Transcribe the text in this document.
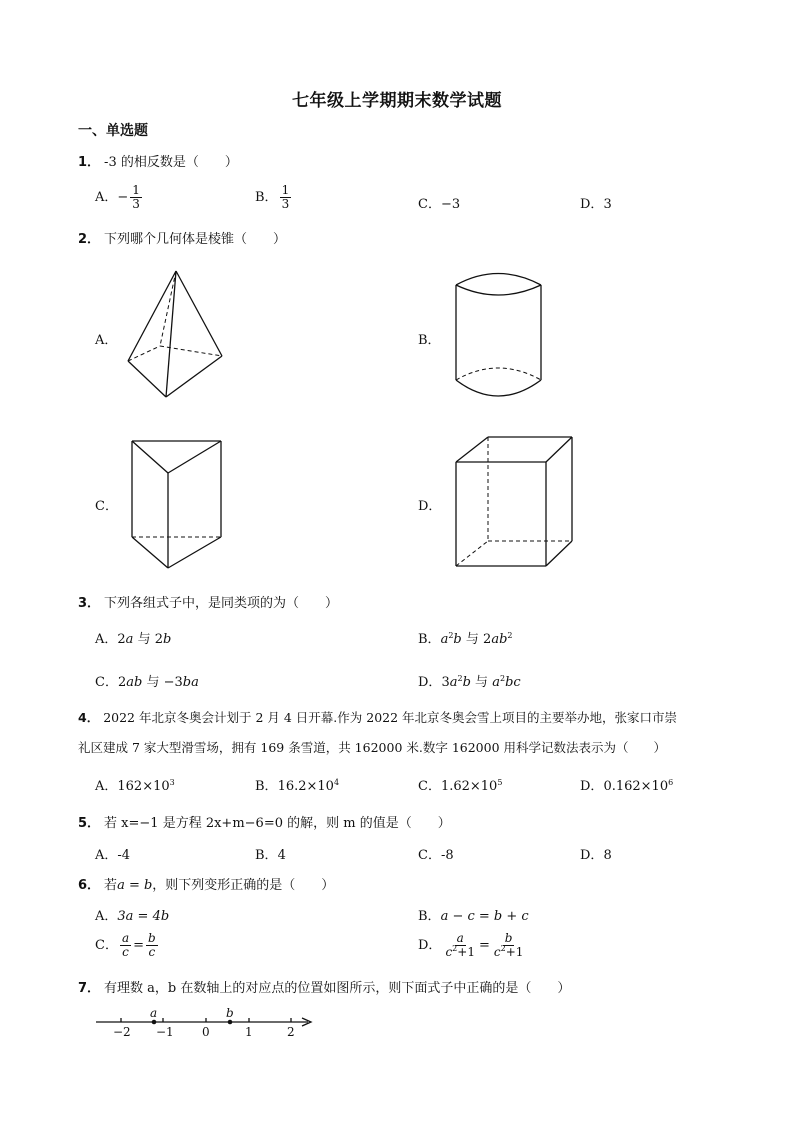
七年级上学期期末数学试题
一、单选题
1． -3 的相反数是（　　）
A．− $\frac{1}{3}$	B． $\frac{1}{3}$	C．−3	D．3
2． 下列哪个几何体是棱锥（　　）
A．	B．
C．	D．
3． 下列各组式子中，是同类项的为（　　）
A．2a 与 2b	B．$a^2b$ 与 $2ab^2$
C．2ab 与 −3ba	D．$3a^2b$ 与 $a^2bc$
4． 2022 年北京冬奥会计划于 2 月 4 日开幕.作为 2022 年北京冬奥会雪上项目的主要举办地，张家口市崇
礼区建成 7 家大型滑雪场，拥有 169 条雪道，共 162000 米.数字 162000 用科学记数法表示为（　　）
A．$162\times 10^3$	B．$16.2\times 10^4$	C．$1.62\times 10^5$	D．$0.162\times 10^6$
5． 若 x=−1 是方程 2x+m−6=0 的解，则 m 的值是（　　）
A．-4	B．4	C．-8	D．8
6． 若a = b，则下列变形正确的是（　　）
A．3a = 4b	B．a − c = b + c
C． $\frac{a}{c} = \frac{b}{c}$	D． $\frac{a}{c^2+1} = \frac{b}{c^2+1}$
7． 有理数 a，b 在数轴上的对应点的位置如图所示，则下面式子中正确的是（　　）
a	b
−2 −1 0	1	2
